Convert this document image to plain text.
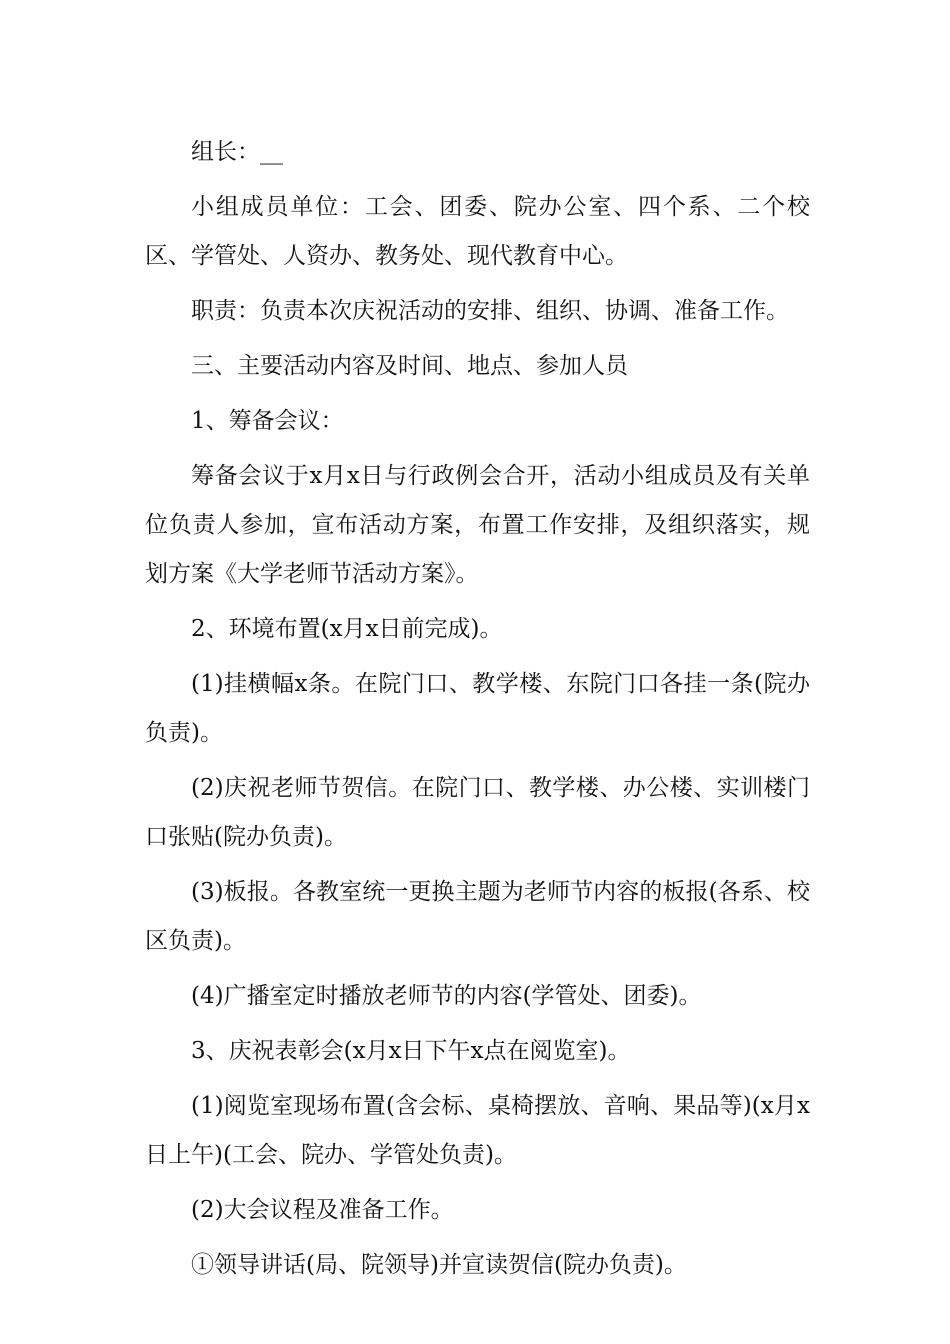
组长：__

小组成员单位：工会、团委、院办公室、四个系、二个校区、学管处、人资办、教务处、现代教育中心。

职责：负责本次庆祝活动的安排、组织、协调、准备工作。

三、主要活动内容及时间、地点、参加人员

1、筹备会议：

筹备会议于x月x日与行政例会合开，活动小组成员及有关单位负责人参加，宣布活动方案，布置工作安排，及组织落实，规划方案《大学老师节活动方案》。

2、环境布置(x月x日前完成)。

(1)挂横幅x条。在院门口、教学楼、东院门口各挂一条(院办负责)。

(2)庆祝老师节贺信。在院门口、教学楼、办公楼、实训楼门口张贴(院办负责)。

(3)板报。各教室统一更换主题为老师节内容的板报(各系、校区负责)。

(4)广播室定时播放老师节的内容(学管处、团委)。

3、庆祝表彰会(x月x日下午x点在阅览室)。

(1)阅览室现场布置(含会标、桌椅摆放、音响、果品等)(x月x日上午)(工会、院办、学管处负责)。

(2)大会议程及准备工作。

①领导讲话(局、院领导)并宣读贺信(院办负责)。
